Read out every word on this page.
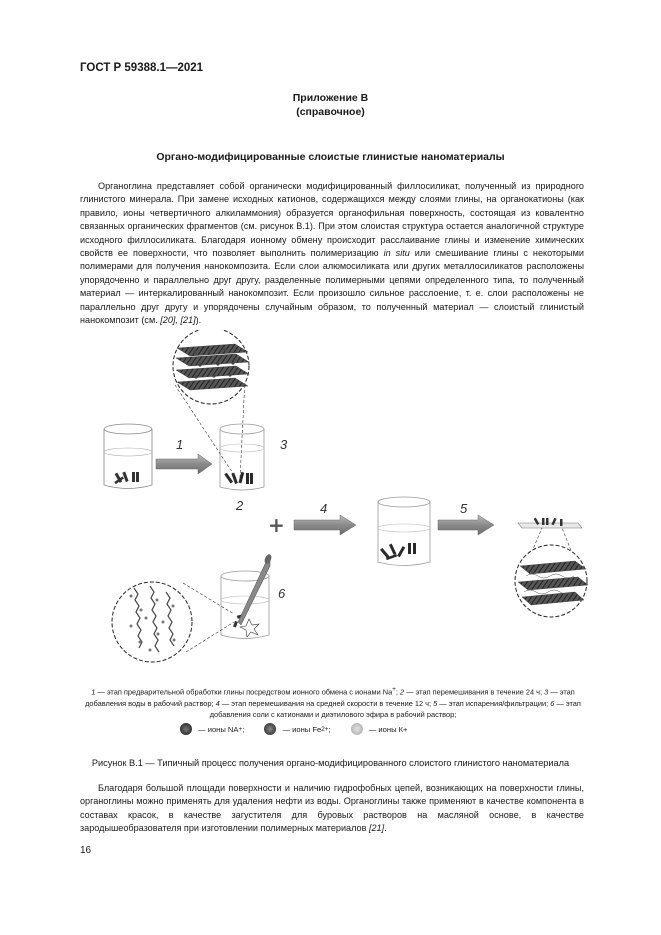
ГОСТ Р 59388.1—2021
Приложение В
(справочное)
Органо-модифицированные слоистые глинистые наноматериалы

Органоглина представляет собой органически модифицированный филлосиликат, полученный из природного глинистого минерала. При замене исходных катионов, содержащихся между слоями глины, на органокатионы (как правило, ионы четвертичного алкиламмония) образуется органофильная поверхность, состоящая из ковалентно связанных органических фрагментов (см. рисунок В.1). При этом слоистая структура остается аналогичной структуре исходного филлосиликата. Благодаря ионному обмену происходит расслаивание глины и изменение химических свойств ее поверхности, что позволяет выполнить полимеризацию in situ или смешивание глины с некоторыми полимерами для получения нанокомпозита. Если слои алюмосиликата или других металлосиликатов расположены упорядоченно и параллельно друг другу, разделенные полимерными цепями определенного типа, то полученный материал — интеркалированный нанокомпозит. Если произошло сильное расслоение, т. е. слои расположены не параллельно друг другу и упорядочены случайным образом, то полученный материал — слоистый глинистый нанокомпозит (см. [20], [21]).

1	3
2
+
4	5
6
1 — этап предварительной обработки глины посредством ионного обмена с ионами Na+; 2 — этап перемешивания в течение 24 ч; 3 — этап добавления воды в рабочий раствор; 4 — этап перемешивания на средней скорости в течение 12 ч; 5 — этап испарения/фильтрации; 6 — этап добавления соли с катионами и диэтилового эфира в рабочий раствор;
— ионы NA + ;
	— ионы Fe 2+ ;
	— ионы К+
Рисунок В.1 — Типичный процесс получения органо-модифицированного слоистого глинистого наноматериала

Благодаря большой площади поверхности и наличию гидрофобных цепей, возникающих на поверхности глины, органоглины можно применять для удаления нефти из воды. Органоглины также применяют в качестве компонента в составах красок, в качестве загустителя для буровых растворов на масляной основе, в качестве зародышеобразователя при изготовлении полимерных материалов [21].

16
